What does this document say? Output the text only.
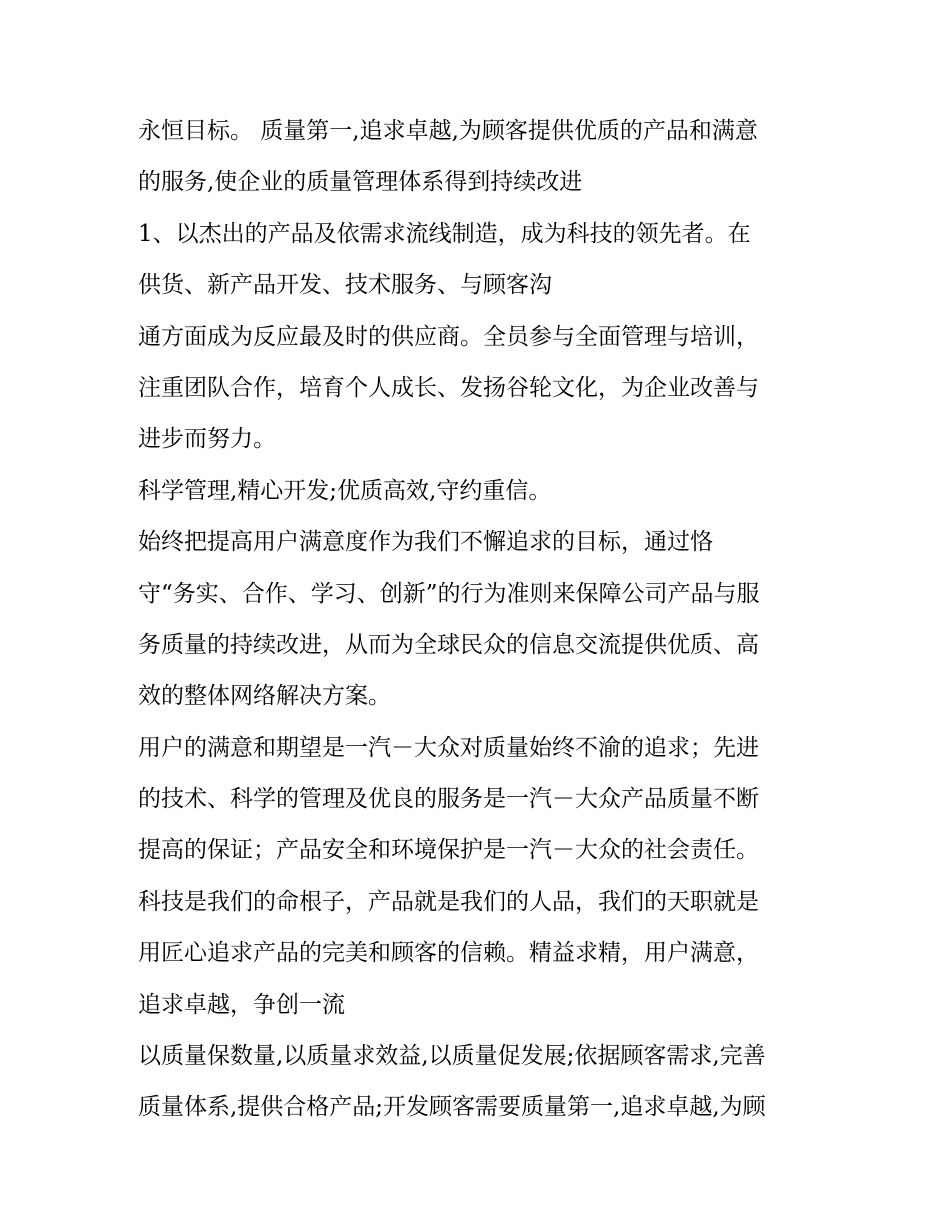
永恒目标。 质量第一,追求卓越,为顾客提供优质的产品和满意
的服务,使企业的质量管理体系得到持续改进
1、以杰出的产品及依需求流线制造，成为科技的领先者。在
供货、新产品开发、技术服务、与顾客沟
通方面成为反应最及时的供应商。全员参与全面管理与培训，
注重团队合作，培育个人成长、发扬谷轮文化，为企业改善与
进步而努力。
科学管理,精心开发;优质高效,守约重信。
始终把提高用户满意度作为我们不懈追求的目标，通过恪
守“务实、合作、学习、创新”的行为准则来保障公司产品与服
务质量的持续改进，从而为全球民众的信息交流提供优质、高
效的整体网络解决方案。
用户的满意和期望是一汽－大众对质量始终不渝的追求；先进
的技术、科学的管理及优良的服务是一汽－大众产品质量不断
提高的保证；产品安全和环境保护是一汽－大众的社会责任。
科技是我们的命根子，产品就是我们的人品，我们的天职就是
用匠心追求产品的完美和顾客的信赖。精益求精，用户满意，
追求卓越，争创一流
以质量保数量,以质量求效益,以质量促发展;依据顾客需求,完善
质量体系,提供合格产品;开发顾客需要质量第一,追求卓越,为顾
